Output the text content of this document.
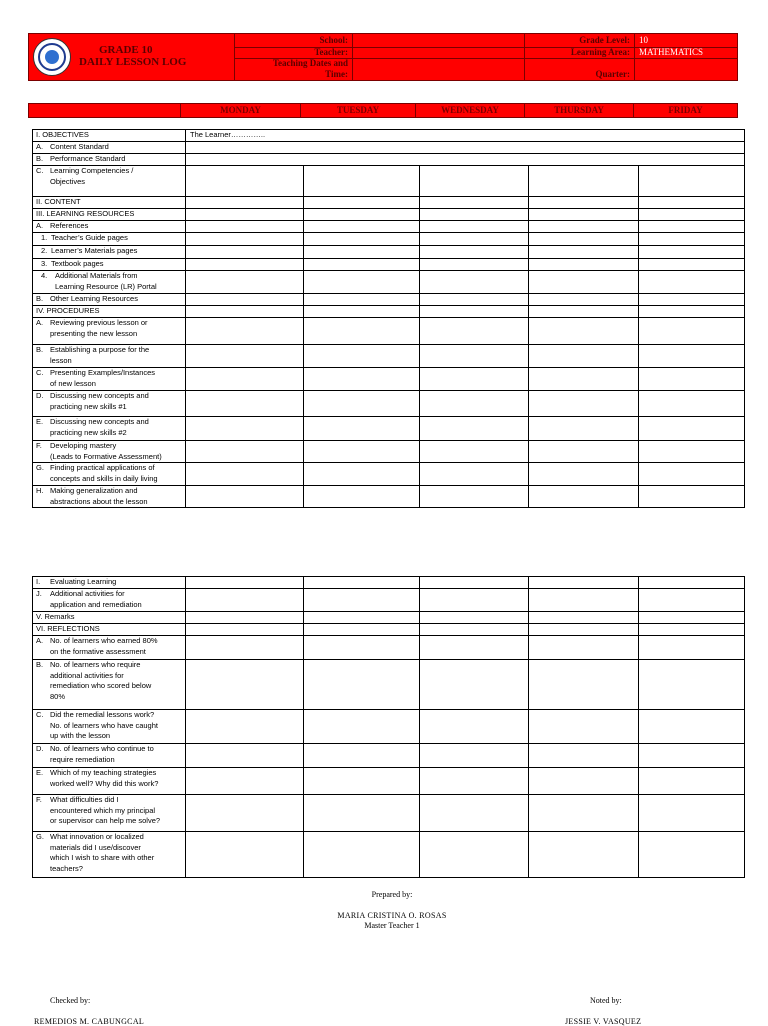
GRADE 10
DAILY LESSON LOG
School:
Teacher:
Teaching Dates and
Time:
Grade Level: 10
Learning Area: MATHEMATICS
Quarter:
MONDAY	TUESDAY	WEDNESDAY	THURSDAY	FRIDAY
I. OBJECTIVES	The Learner…………..				
A. Content Standard					
B. Performance Standard					
C. Learning Competencies /
Objectives					
II. CONTENT					
III. LEARNING RESOURCES					
A. References					
1. Teacher’s Guide pages					
2. Learner’s Materials pages					
3. Textbook pages					
4. Additional Materials from
Learning Resource (LR) Portal					
B. Other Learning Resources					
IV. PROCEDURES					
A. Reviewing previous lesson or
presenting the new lesson					
B. Establishing a purpose for the
lesson					
C. Presenting Examples/Instances
of new lesson					
D. Discussing new concepts and
practicing new skills #1					
E. Discussing new concepts and
practicing new skills #2					
F. Developing mastery
(Leads to Formative Assessment)					
G. Finding practical applications of
concepts and skills in daily living					
H. Making generalization and
abstractions about the lesson					
I. Evaluating Learning					
J. Additional activities for
application and remediation					
V. Remarks					
VI. REFLECTIONS					
A. No. of learners who earned 80%
on the formative assessment					
B. No. of learners who require
additional activities for
remediation who scored below
80%					
C. Did the remedial lessons work?
No. of learners who have caught
up with the lesson					
D. No. of learners who continue to
require remediation					
E. Which of my teaching strategies
worked well? Why did this work?					
F. What difficulties did I
encountered which my principal
or supervisor can help me solve?					
G. What innovation or localized
materials did I use/discover
which I wish to share with other
teachers?					
Prepared by:
MARIA CRISTINA O. ROSAS
Master Teacher 1
Checked by:	Noted by:
REMEDIOS M. CABUNGCAL	JESSIE V. VASQUEZ
